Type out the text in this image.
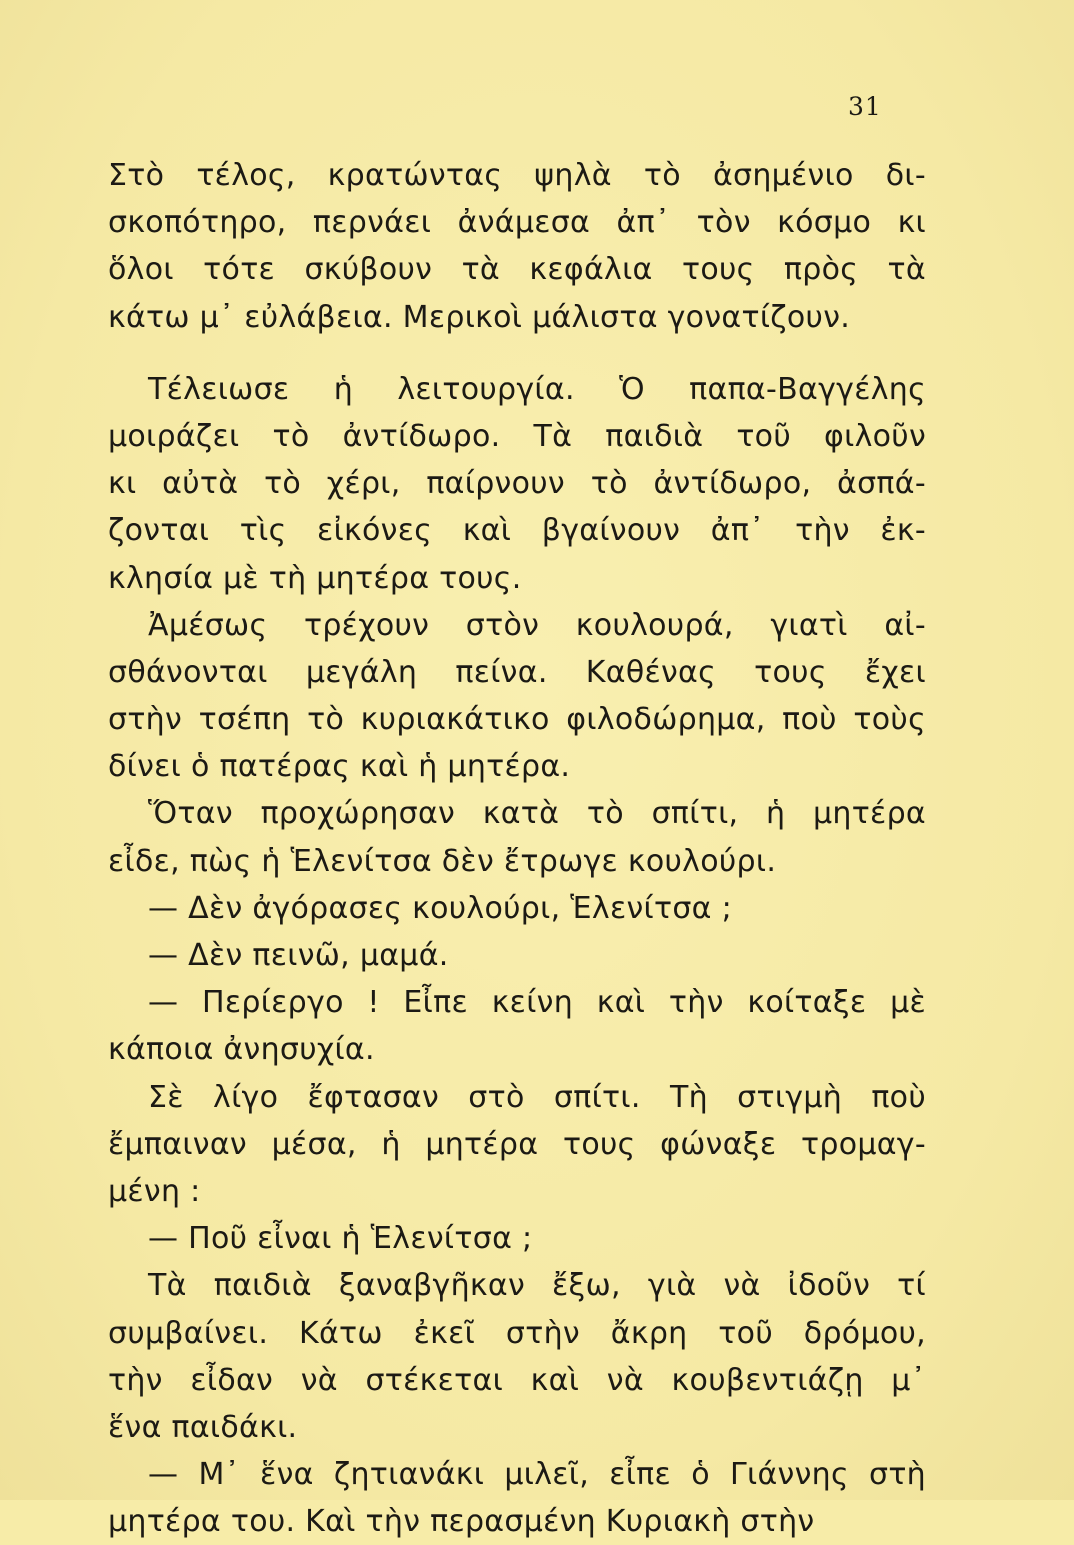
31
Στὸ τέλος, κρατώντας ψηλὰ τὸ ἀσημένιο δι-
σκοπότηρο, περνάει ἀνάμεσα ἀπ᾽ τὸν κόσμο κι
ὅλοι τότε σκύβουν τὰ κεφάλια τους πρὸς τὰ
κάτω μ᾽ εὐλάβεια. Μερικοὶ μάλιστα γονατίζουν.
Τέλειωσε ἡ λειτουργία. Ὁ παπα-Βαγγέλης
μοιράζει τὸ ἀντίδωρο. Τὰ παιδιὰ τοῦ φιλοῦν
κι αὐτὰ τὸ χέρι, παίρνουν τὸ ἀντίδωρο, ἀσπά-
ζονται τὶς εἰκόνες καὶ βγαίνουν ἀπ᾽ τὴν ἐκ-
κλησία μὲ τὴ μητέρα τους.
Ἀμέσως τρέχουν στὸν κουλουρά, γιατὶ αἰ-
σθάνονται μεγάλη πείνα. Καθένας τους ἔχει
στὴν τσέπη τὸ κυριακάτικο φιλοδώρημα, ποὺ τοὺς
δίνει ὁ πατέρας καὶ ἡ μητέρα.
Ὅταν προχώρησαν κατὰ τὸ σπίτι, ἡ μητέρα
εἶδε, πὼς ἡ Ἑλενίτσα δὲν ἔτρωγε κουλούρι.
— Δὲν ἀγόρασες κουλούρι, Ἑλενίτσα ;
— Δὲν πεινῶ, μαμά.
— Περίεργο ! Εἶπε κείνη καὶ τὴν κοίταξε μὲ
κάποια ἀνησυχία.
Σὲ λίγο ἔφτασαν στὸ σπίτι. Τὴ στιγμὴ ποὺ
ἔμπαιναν μέσα, ἡ μητέρα τους φώναξε τρομαγ-
μένη :
— Ποῦ εἶναι ἡ Ἑλενίτσα ;
Τὰ παιδιὰ ξαναβγῆκαν ἔξω, γιὰ νὰ ἰδοῦν τί
συμβαίνει. Κάτω ἐκεῖ στὴν ἄκρη τοῦ δρόμου,
τὴν εἶδαν νὰ στέκεται καὶ νὰ κουβεντιάζῃ μ᾽
ἕνα παιδάκι.
— Μ᾽ ἕνα ζητιανάκι μιλεῖ, εἶπε ὁ Γιάννης στὴ
μητέρα του. Καὶ τὴν περασμένη Κυριακὴ στὴν
